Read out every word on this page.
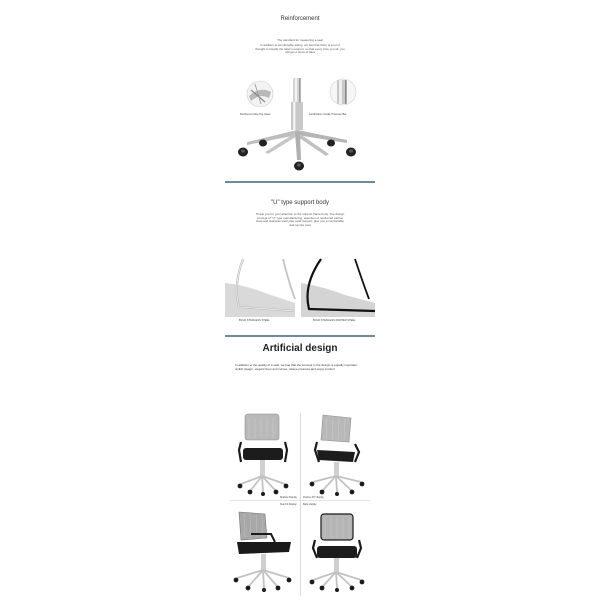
Reinforcement
The standard for measuring a seat
In addition to comfortable sitting, we feel that there is a lot of thought to handle the sitter's support, so that every time you sit, you will get a piece of idea
Reinforced alloy five claws	Certification Grade Pressure Bar
"U" type support body
Thank you for your attention to the support frame body. The design concept of "U" type manufacturing, selection of reinforced carbon steel and stainless steel pipe solid support, give you a comfortable and secure seat
BOLD STAINLESS STEEL	BOLD STAINLESS PAINTED STEEL
Artificial design
In addition to the quality of a seat, we feel that the concept in the design is equally important, stylish design, elegant lines and curves, relieve pressure and enjoy comfort
Shallow Display	Positive 45° display
Side Fit Display	Back display
